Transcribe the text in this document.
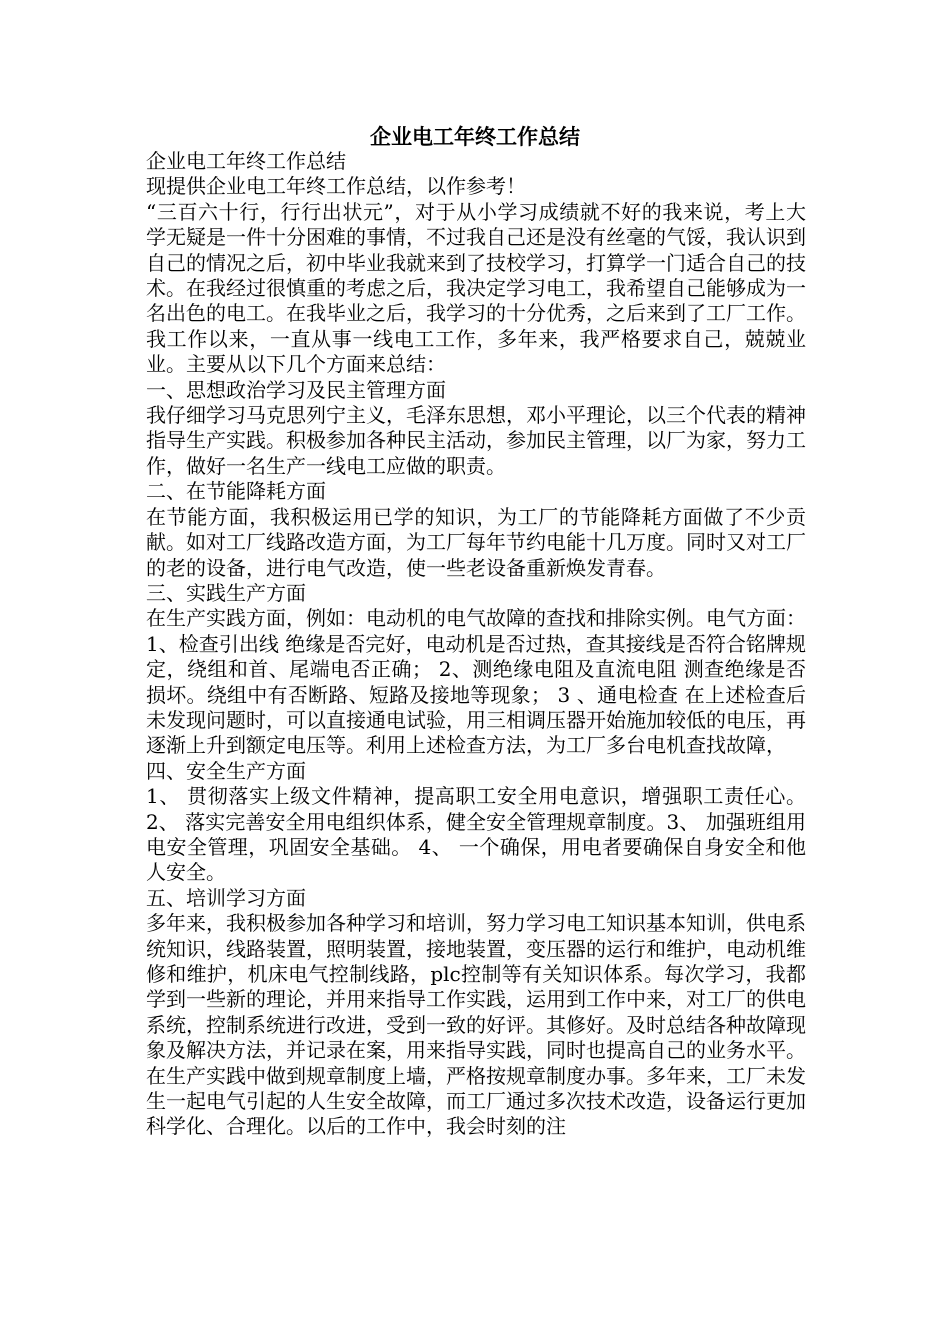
企业电工年终工作总结

企业电工年终工作总结

现提供企业电工年终工作总结，以作参考！

“三百六十行，行行出状元”，对于从小学习成绩就不好的我来说，考上大学无疑是一件十分困难的事情，不过我自己还是没有丝毫的气馁，我认识到自己的情况之后，初中毕业我就来到了技校学习，打算学一门适合自己的技术。在我经过很慎重的考虑之后，我决定学习电工，我希望自己能够成为一名出色的电工。在我毕业之后，我学习的十分优秀，之后来到了工厂工作。我工作以来，一直从事一线电工工作，多年来，我严格要求自己，兢兢业业。主要从以下几个方面来总结：

一、思想政治学习及民主管理方面

我仔细学习马克思列宁主义，毛泽东思想，邓小平理论，以三个代表的精神指导生产实践。积极参加各种民主活动，参加民主管理，以厂为家，努力工作，做好一名生产一线电工应做的职责。

二、在节能降耗方面

在节能方面，我积极运用已学的知识，为工厂的节能降耗方面做了不少贡献。如对工厂线路改造方面，为工厂每年节约电能十几万度。同时又对工厂的老的设备，进行电气改造，使一些老设备重新焕发青春。

三、实践生产方面

在生产实践方面，例如：电动机的电气故障的查找和排除实例。电气方面： 1、检查引出线 绝缘是否完好，电动机是否过热，查其接线是否符合铭牌规定，绕组和首、尾端电否正确； 2、测绝缘电阻及直流电阻 测查绝缘是否损坏。绕组中有否断路、短路及接地等现象； 3 、通电检查 在上述检查后未发现问题时，可以直接通电试验，用三相调压器开始施加较低的电压，再逐渐上升到额定电压等。利用上述检查方法，为工厂多台电机查找故障，

四、安全生产方面

1、 贯彻落实上级文件精神，提高职工安全用电意识，增强职工责任心。 2、 落实完善安全用电组织体系，健全安全管理规章制度。3、 加强班组用电安全管理，巩固安全基础。 4、 一个确保，用电者要确保自身安全和他人安全。

五、培训学习方面

多年来，我积极参加各种学习和培训，努力学习电工知识基本知训，供电系统知识，线路装置，照明装置，接地装置，变压器的运行和维护，电动机维修和维护，机床电气控制线路，plc控制等有关知识体系。每次学习，我都学到一些新的理论，并用来指导工作实践，运用到工作中来，对工厂的供电系统，控制系统进行改进，受到一致的好评。其修好。及时总结各种故障现象及解决方法，并记录在案，用来指导实践，同时也提高自己的业务水平。

在生产实践中做到规章制度上墙，严格按规章制度办事。多年来，工厂未发生一起电气引起的人生安全故障，而工厂通过多次技术改造，设备运行更加科学化、合理化。以后的工作中，我会时刻的注
